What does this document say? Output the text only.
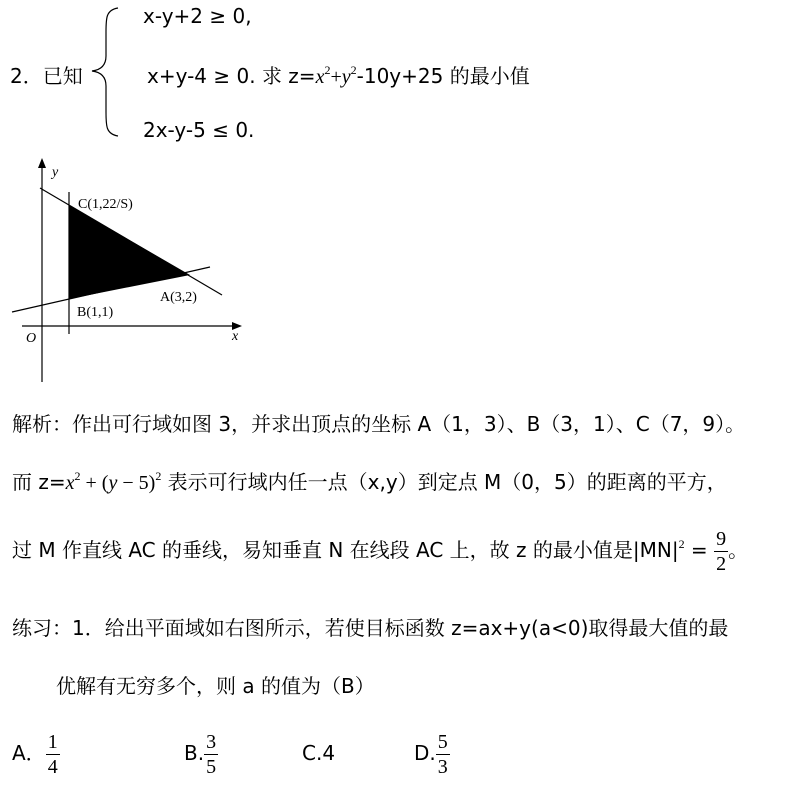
2．已知
x-y+2 ≥ 0,
x+y-4 ≥ 0. 求 $z=x^2+y^2-10y+25$ 的最小值
2x-y-5 ≤ 0.
y
x
O
C(1,22/S)
B(1,1)
A(3,2)
解析：作出可行域如图 3，并求出顶点的坐标 A（1，3）、B（3，1）、C（7，9）。
而 $z=x^2 + (y - 5)^2$ 表示可行域内任一点（x,y）到定点 M（0，5）的距离的平方，
过 M 作直线 AC 的垂线，易知垂直 N 在线段 AC 上，故 z 的最小值是$|MN|^2 = \frac{9}{2}$ 。
练习：1．给出平面域如右图所示，若使目标函数 z=ax+y(a<0)取得最大值的最
优解有无穷多个，则 a 的值为（B）
A． $\frac{1}{4}$	B. $\frac{3}{5}$	C.4	D. $\frac{5}{3}$
